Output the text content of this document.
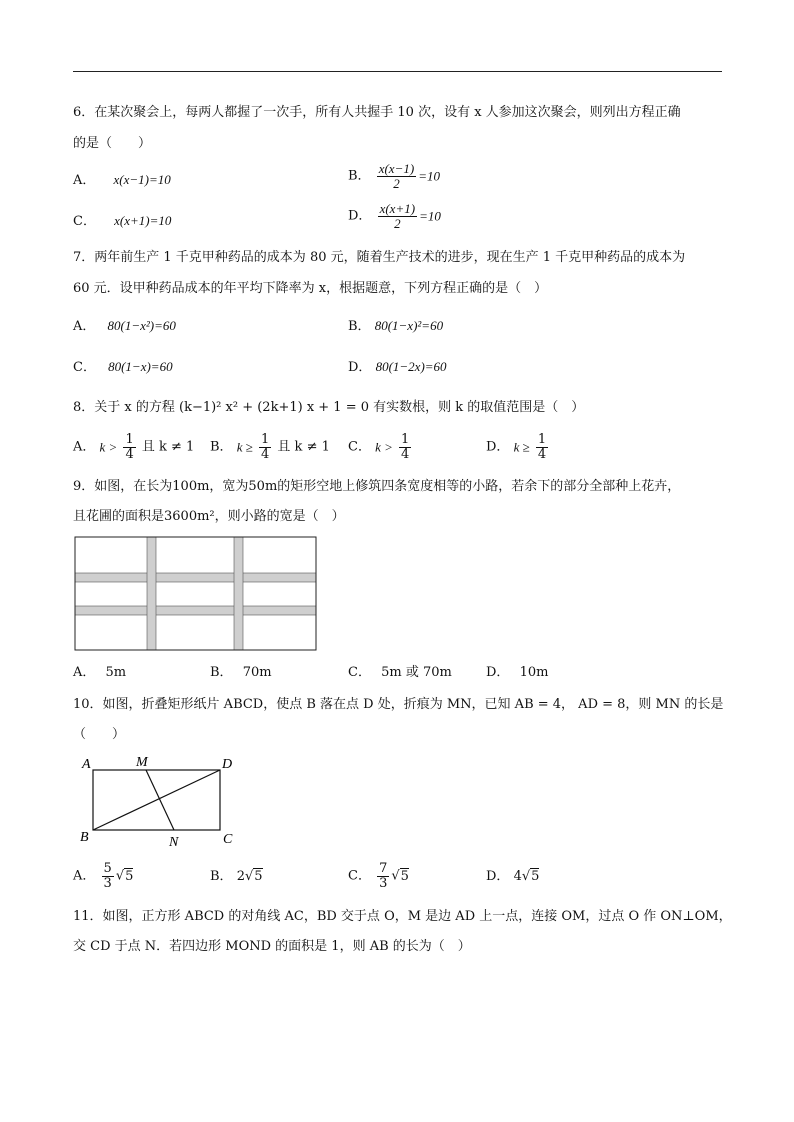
6．在某次聚会上，每两人都握了一次手，所有人共握手 10 次，设有 x 人参加这次聚会，则列出方程正确
的是（　　）
A． x(x−1)=10	B． $\frac{x(x-1)}{2} =10$
C． x(x+1)=10	D． $\frac{x(x+1)}{2} =10$
7．两年前生产 1 千克甲种药品的成本为 80 元，随着生产技术的进步，现在生产 1 千克甲种药品的成本为
60 元．设甲种药品成本的年平均下降率为 x，根据题意，下列方程正确的是（　）
A． 80(1−x²)=60	B． 80(1−x)²=60
C． 80(1−x)=60	D． 80(1−2x)=60
8．关于 x 的方程 (k−1)² x² + (2k+1) x + 1 = 0 有实数根，则 k 的取值范围是（　）
A． $k > \frac{1}{4}$ 且 k ≠ 1 B． $k \ge \frac{1}{4}$ 且 k ≠ 1 C． $k > \frac{1}{4}$	D． $k \ge \frac{1}{4}$
9．如图，在长为100m，宽为50m的矩形空地上修筑四条宽度相等的小路，若余下的部分全部种上花卉，
且花圃的面积是3600m²，则小路的宽是（　）
A． 5m	B． 70m	C． 5m 或 70m	D． 10m
10．如图，折叠矩形纸片 ABCD，使点 B 落在点 D 处，折痕为 MN，已知 AB = 4， AD = 8，则 MN 的长是
（　　）
A	M	D
B	N	C
A． $\frac{5}{3} √5$	B． 2√5	C． $\frac{7}{3} √5$	D． 4√5
11．如图，正方形 ABCD 的对角线 AC，BD 交于点 O，M 是边 AD 上一点，连接 OM，过点 O 作 ON⊥OM，
交 CD 于点 N．若四边形 MOND 的面积是 1，则 AB 的长为（　）
